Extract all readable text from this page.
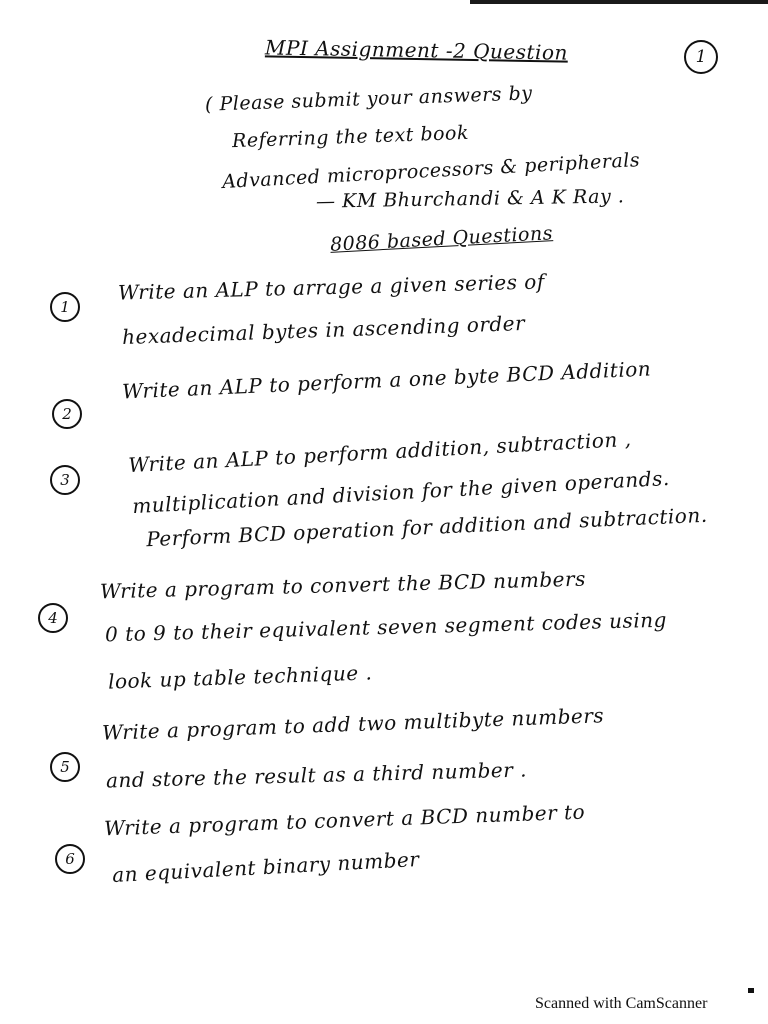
MPI Assignment -2 Question	1
( Please submit your answers by
Referring the text book
Advanced microprocessors & peripherals
— KM Bhurchandi & A K Ray .
8086 based Questions
1
Write an ALP to arrage a given series of
hexadecimal bytes in ascending order
2
Write an ALP to perform a one byte BCD Addition
3
Write an ALP to perform addition, subtraction ,
multiplication and division for the given operands.
Perform BCD operation for addition and subtraction.
4
Write a program to convert the BCD numbers
0 to 9 to their equivalent seven segment codes using
look up table technique .
5
Write a program to add two multibyte numbers
and store the result as a third number .
6
Write a program to convert a BCD number to
an equivalent binary number
Scanned with CamScanner
